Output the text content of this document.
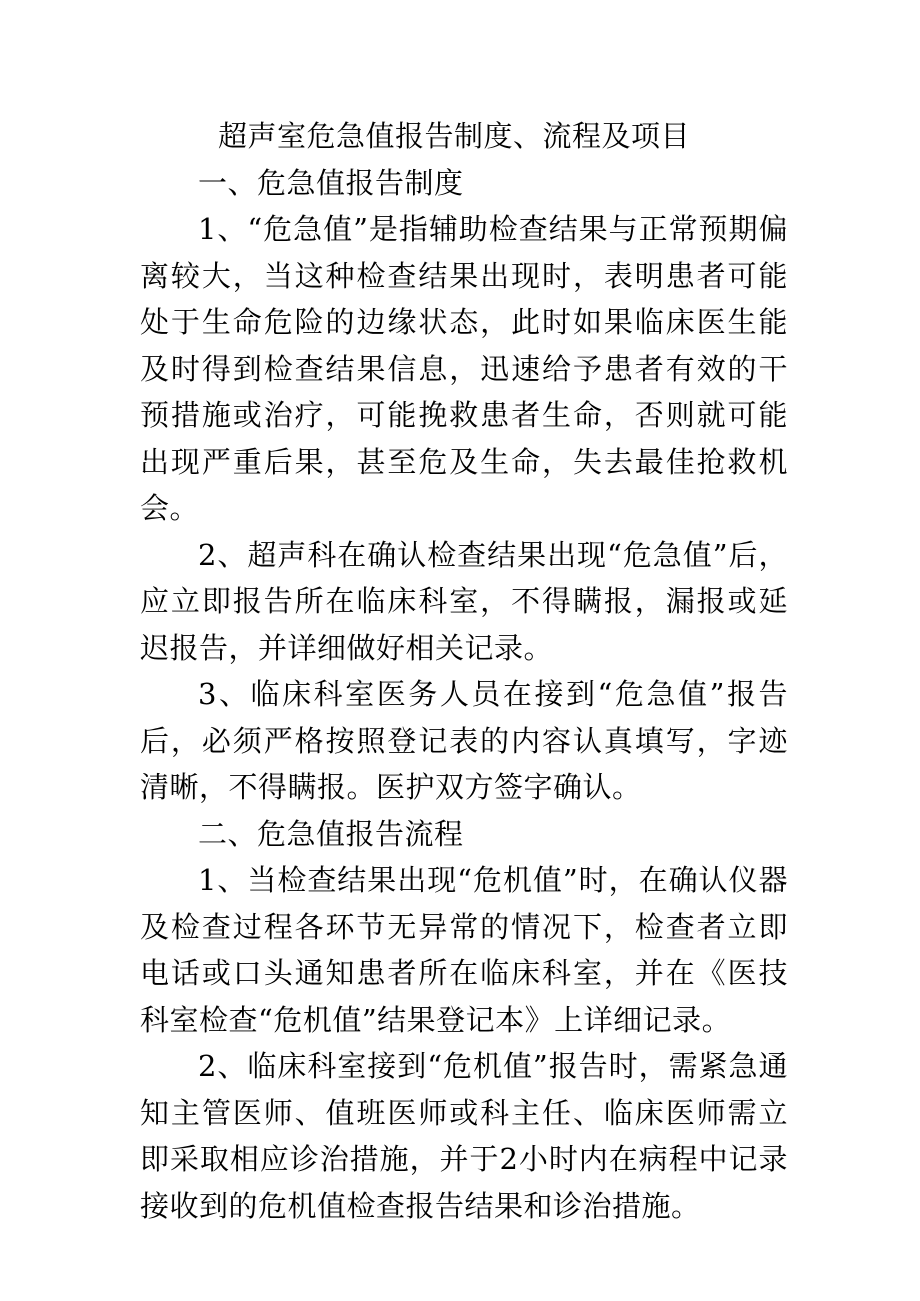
超声室危急值报告制度、流程及项目

一、危急值报告制度

1、“危急值”是指辅助检查结果与正常预期偏离较大，当这种检查结果出现时，表明患者可能处于生命危险的边缘状态，此时如果临床医生能及时得到检查结果信息，迅速给予患者有效的干预措施或治疗，可能挽救患者生命，否则就可能出现严重后果，甚至危及生命，失去最佳抢救机会。

2、超声科在确认检查结果出现“危急值”后，应立即报告所在临床科室，不得瞒报，漏报或延迟报告，并详细做好相关记录。

3、临床科室医务人员在接到“危急值”报告后，必须严格按照登记表的内容认真填写，字迹清晰，不得瞒报。医护双方签字确认。

二、危急值报告流程

1、当检查结果出现“危机值”时，在确认仪器及检查过程各环节无异常的情况下，检查者立即电话或口头通知患者所在临床科室，并在《医技科室检查“危机值”结果登记本》上详细记录。

2、临床科室接到“危机值”报告时，需紧急通知主管医师、值班医师或科主任、临床医师需立即采取相应诊治措施，并于2小时内在病程中记录接收到的危机值检查报告结果和诊治措施。
